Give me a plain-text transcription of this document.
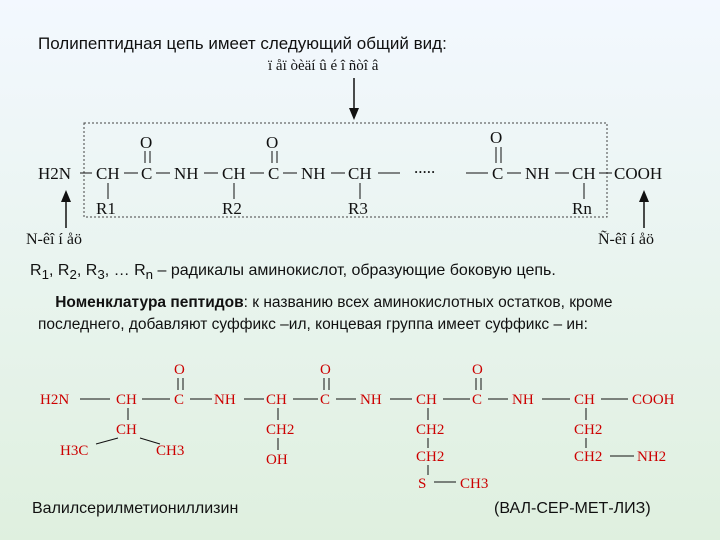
Полипептидная цепь имеет следующий общий вид:
ï åï òèäí û é î ñòî â
H2N CH C
O
NH CH C
O
NH CH .....	C
O
NH CH COOH
R1	R2	R3	Rn
N-êî í åö	Ñ-êî í åö
H2N	CH C
O
NH CH C
O
NH CH C
O
NH	CH COOH
CH
H3C	CH3
CH2
OH
CH2
CH2
S CH3
CH2
CH2 NH2
$R_1$, $R_2$, $R_3$, … $R_n$ – радикалы аминокислот, образующие боковую цепь.
Номенклатура пептидов: к названию всех аминокислотных остатков, кроме последнего, добавляют суффикс –ил, концевая группа имеет суффикс – ин:
Валилсерилметиониллизин	(ВАЛ-СЕР-МЕТ-ЛИЗ)
